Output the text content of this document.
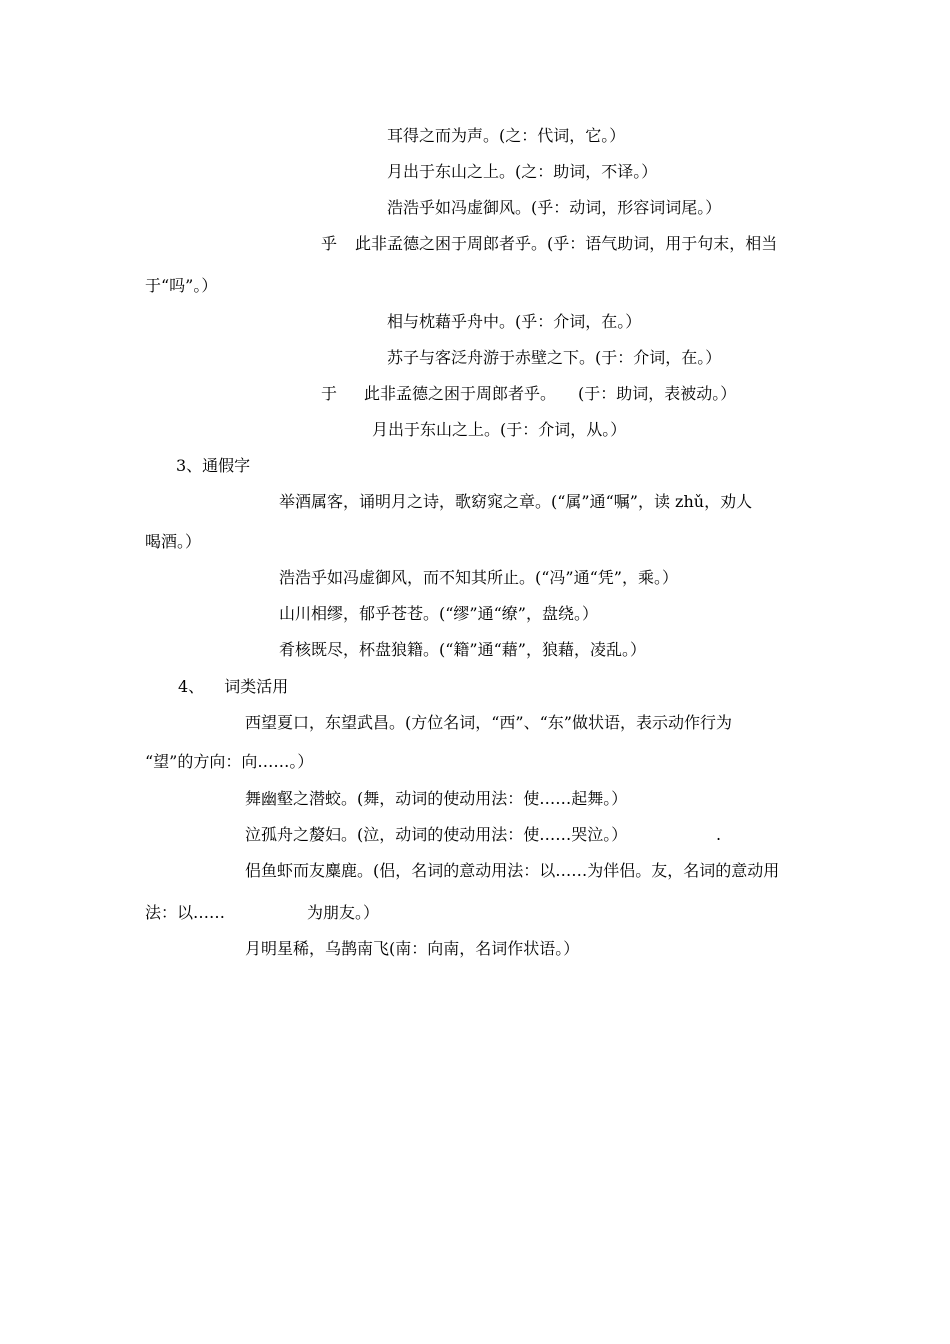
耳得之而为声。(之：代词，它。）
月出于东山之上。(之：助词，不译。）
浩浩乎如冯虚御风。(乎：动词，形容词词尾。）
乎 此非孟德之困于周郎者乎。(乎：语气助词，用于句末，相当
于“吗”。）
相与枕藉乎舟中。(乎：介词，在。）
苏子与客泛舟游于赤壁之下。(于：介词，在。）
于 此非孟德之困于周郎者乎。 (于：助词，表被动。）
月出于东山之上。(于：介词，从。）
3、通假字
举酒属客，诵明月之诗，歌窈窕之章。(“属”通“嘱”，读 zhǔ，劝人
喝酒。）
浩浩乎如冯虚御风，而不知其所止。(“冯”通“凭”，乘。）
山川相缪，郁乎苍苍。(“缪”通“缭”，盘绕。）
肴核既尽，杯盘狼籍。(“籍”通“藉”，狼藉，凌乱。）
4、 词类活用
西望夏口，东望武昌。(方位名词，“西”、“东”做状语，表示动作行为
“望”的方向：向……。）
舞幽壑之潜蛟。(舞，动词的使动用法：使……起舞。）
泣孤舟之嫠妇。(泣，动词的使动用法：使……哭泣。）	.
侣鱼虾而友麋鹿。(侣，名词的意动用法：以……为伴侣。友，名词的意动用
法：以……	为朋友。）
月明星稀，乌鹊南飞(南：向南，名词作状语。）
